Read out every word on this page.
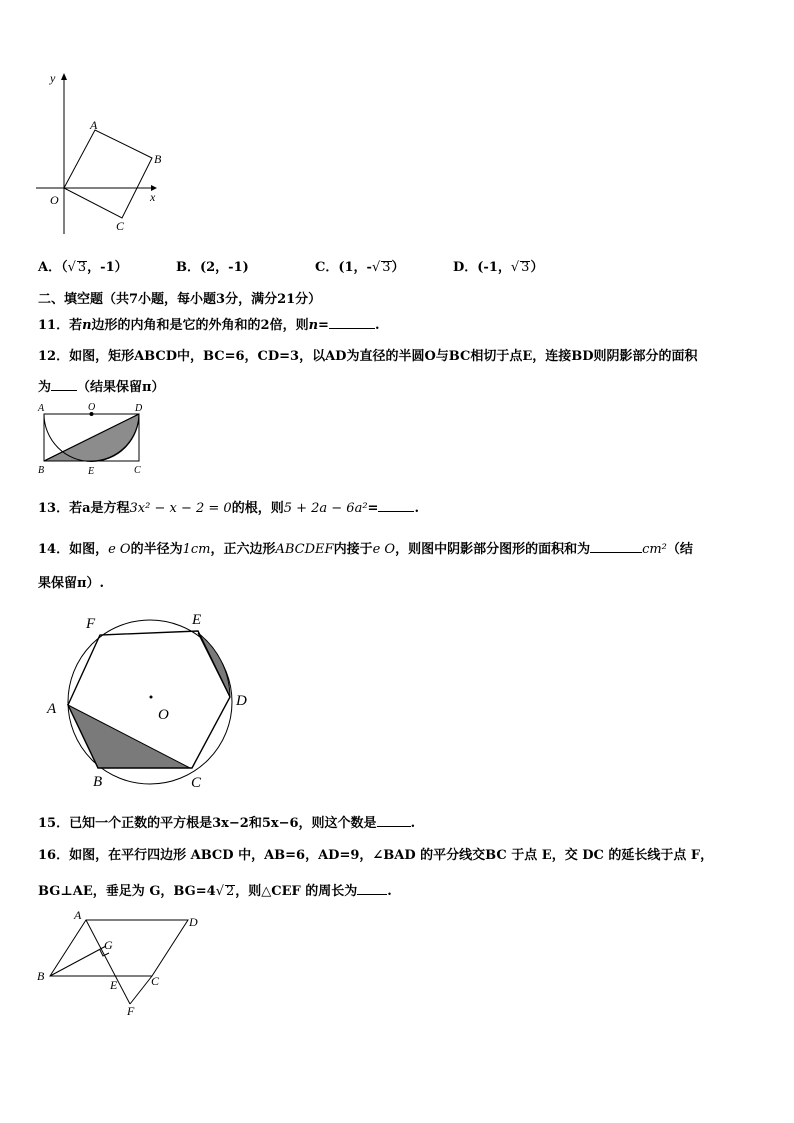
y
x
O
A
B
C
A．（√ 3，-1）	B．(2，-1)	C．(1，-√ 3）	D．(-1，√ 3）
二、填空题（共7小题，每小题3分，满分21分）
11．若n边形的内角和是它的外角和的2倍，则n=	.
12．如图，矩形ABCD中，BC=6，CD=3，以AD为直径的半圆O与BC相切于点E，连接BD则阴影部分的面积
为 （结果保留π）
A	O	D
B	E	C
13．若a是方程3x² − x − 2 = 0的根，则5 + 2a − 6a²=	.
14．如图，e O的半径为1cm，正六边形ABCDEF内接于e O，则图中阴影部分图形的面积和为	cm²（结
果保留π）.
F	E
A	D
O
B	C
15．已知一个正数的平方根是3x−2和5x−6，则这个数是	.
16．如图，在平行四边形 ABCD 中，AB=6，AD=9，∠BAD 的平分线交BC 于点 E，交 DC 的延长线于点 F，
BG⊥AE，垂足为 G，BG=4√ 2，则△CEF 的周长为 .
A	D
G
B
E	C
F
